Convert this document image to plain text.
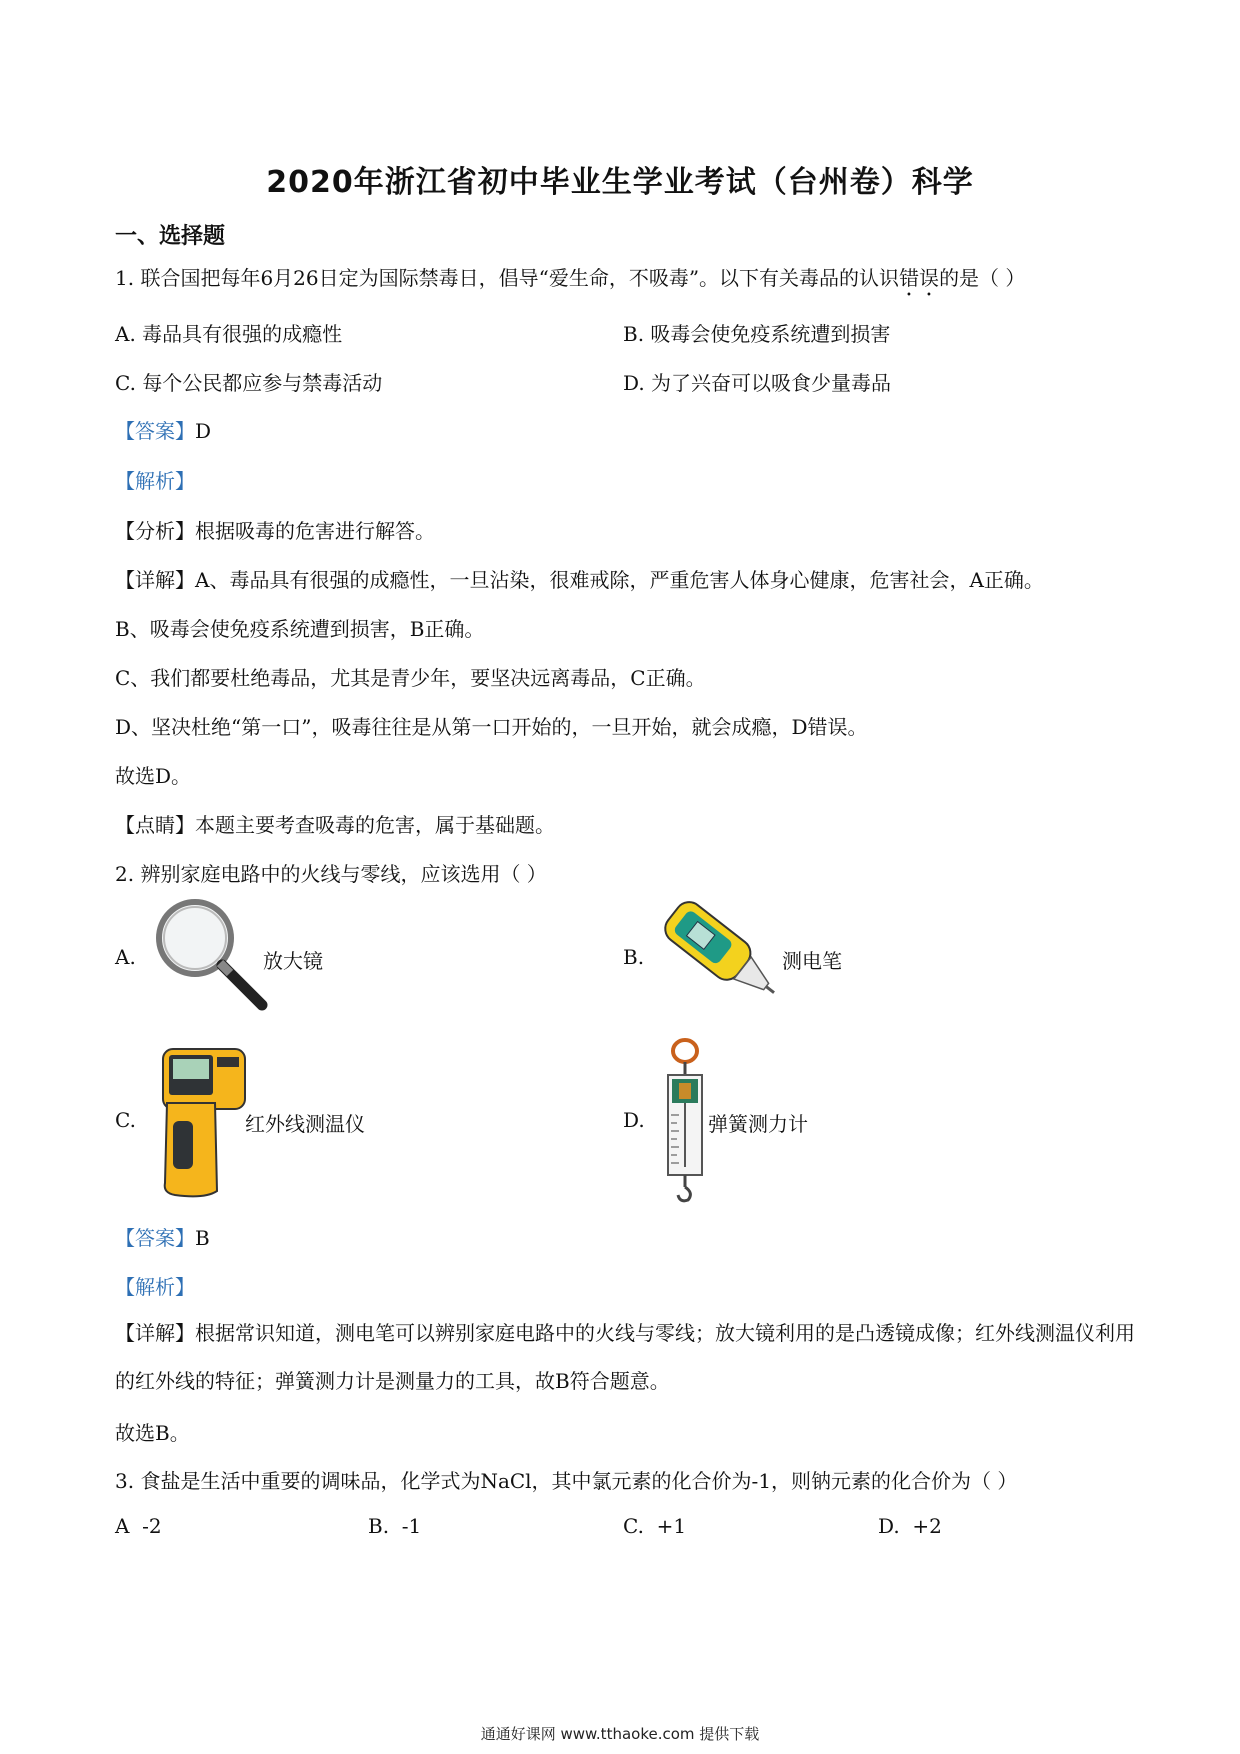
2020年浙江省初中毕业生学业考试（台州卷）科学
一、选择题
1. 联合国把每年6月26日定为国际禁毒日，倡导“爱生命，不吸毒”。以下有关毒品的认识错误的是（ ）
A. 毒品具有很强的成瘾性	B. 吸毒会使免疫系统遭到损害
C. 每个公民都应参与禁毒活动	D. 为了兴奋可以吸食少量毒品
【答案】D
【解析】
【分析】根据吸毒的危害进行解答。
【详解】A、毒品具有很强的成瘾性，一旦沾染，很难戒除，严重危害人体身心健康，危害社会，A正确。
B、吸毒会使免疫系统遭到损害，B正确。
C、我们都要杜绝毒品，尤其是青少年，要坚决远离毒品，C正确。
D、坚决杜绝“第一口”，吸毒往往是从第一口开始的，一旦开始，就会成瘾，D错误。
故选D。
【点睛】本题主要考查吸毒的危害，属于基础题。
2. 辨别家庭电路中的火线与零线，应该选用（ ）
A.	放大镜	B.	测电笔
C.	红外线测温仪	D.	弹簧测力计
【答案】B
【解析】
【详解】根据常识知道，测电笔可以辨别家庭电路中的火线与零线；放大镜利用的是凸透镜成像；红外线测温仪利用的红外线的特征；弹簧测力计是测量力的工具，故B符合题意。
故选B。
3. 食盐是生活中重要的调味品，化学式为NaCl，其中氯元素的化合价为-1，则钠元素的化合价为（ ）
A -2	B. -1	C. +1	D. +2
通通好课网 www.tthaoke.com 提供下载
